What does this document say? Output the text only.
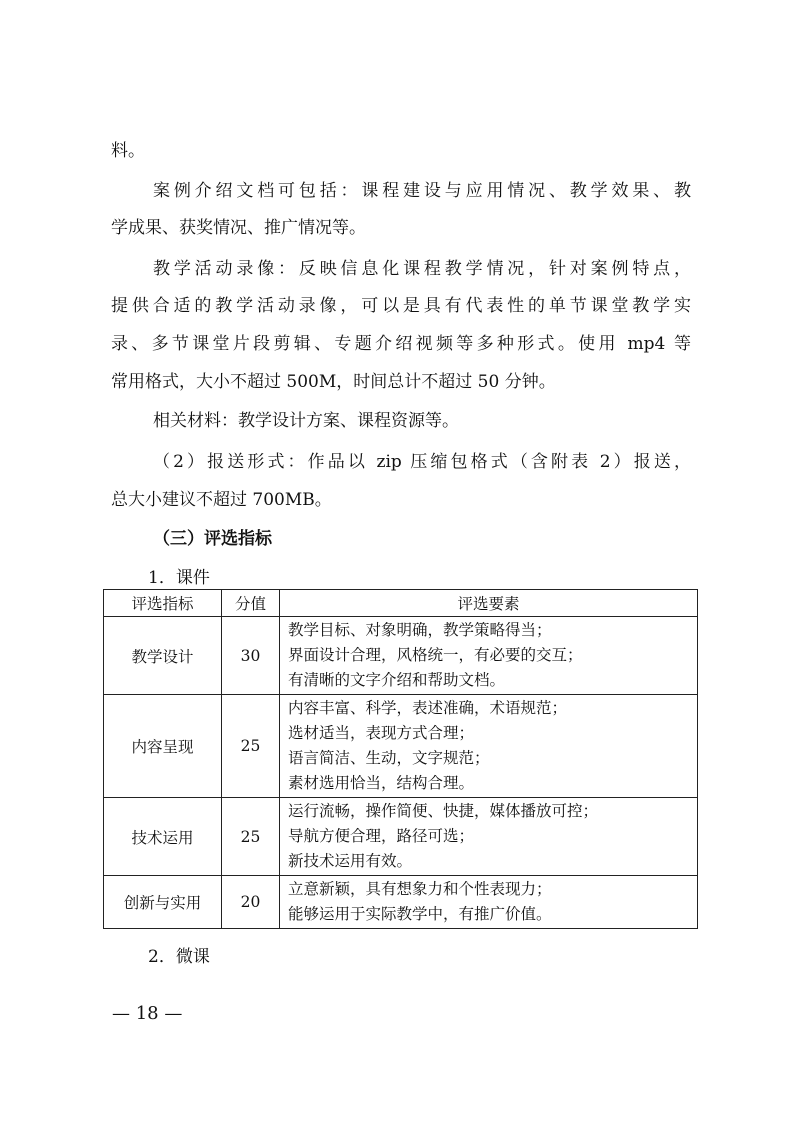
料。

案例介绍文档可包括：课程建设与应用情况、教学效果、教

学成果、获奖情况、推广情况等。

教学活动录像：反映信息化课程教学情况，针对案例特点，

提供合适的教学活动录像，可以是具有代表性的单节课堂教学实

录、多节课堂片段剪辑、专题介绍视频等多种形式。使用 mp4 等

常用格式，大小不超过 500M，时间总计不超过 50 分钟。

相关材料：教学设计方案、课程资源等。

（2）报送形式：作品以 zip 压缩包格式（含附表 2）报送，

总大小建议不超过 700MB。

（三）评选指标

1．课件

评选指标	分值	评选要素
教学设计	30	教学目标、对象明确，教学策略得当；
界面设计合理，风格统一，有必要的交互；
有清晰的文字介绍和帮助文档。

内容呈现	25	内容丰富、科学，表述准确，术语规范；
选材适当，表现方式合理；
语言简洁、生动，文字规范；
素材选用恰当，结构合理。

技术运用	25	运行流畅，操作简便、快捷，媒体播放可控；
导航方便合理，路径可选；
新技术运用有效。

创新与实用	20	立意新颖，具有想象力和个性表现力；
能够运用于实际教学中，有推广价值。

2．微课

— 18 —
